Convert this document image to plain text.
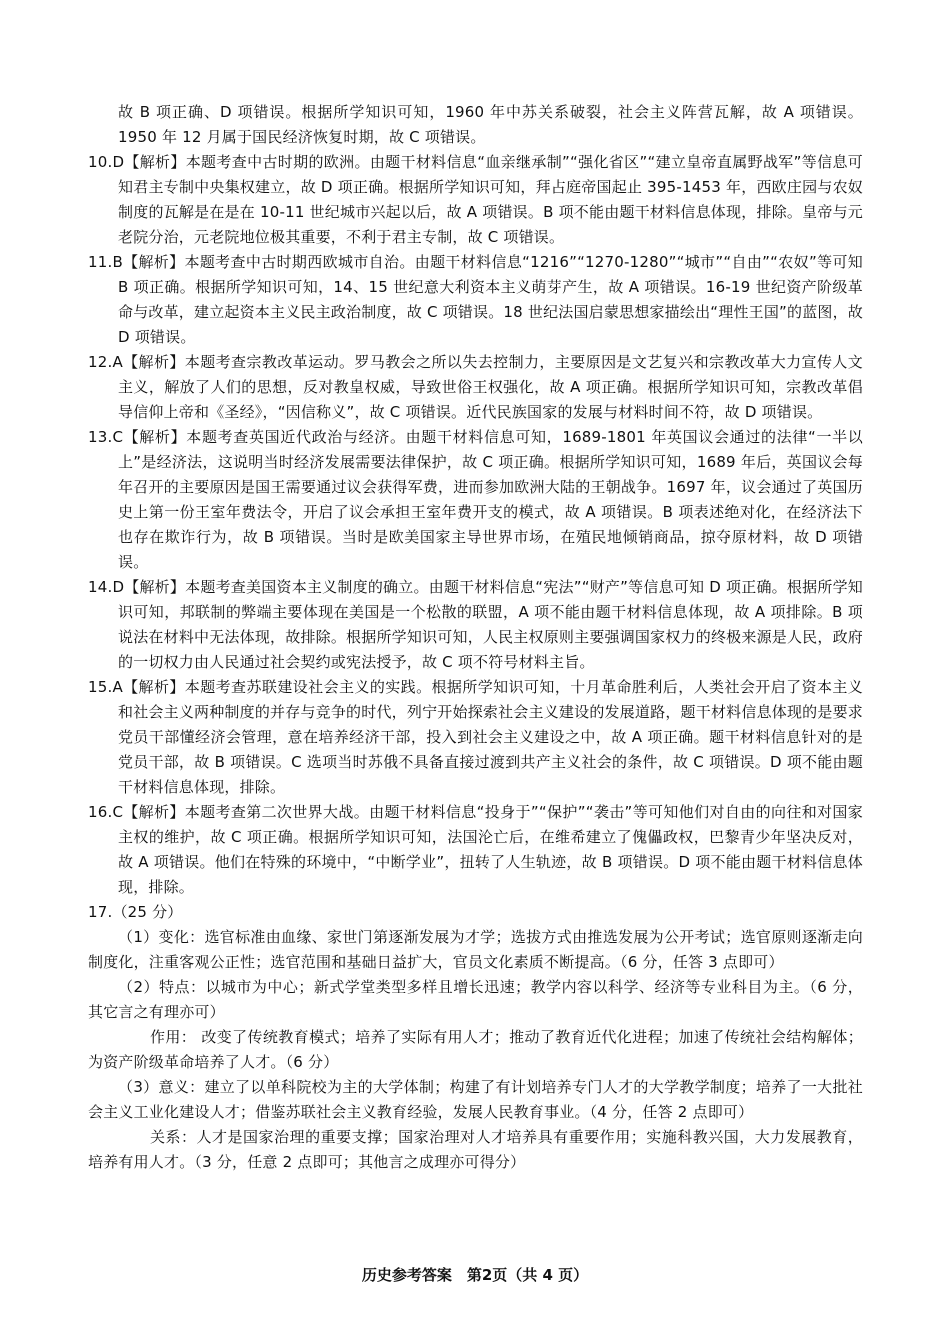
故 B 项正确、D 项错误。根据所学知识可知，1960 年中苏关系破裂，社会主义阵营瓦解，故 A 项错误。1950 年 12 月属于国民经济恢复时期，故 C 项错误。

10.D【解析】本题考查中古时期的欧洲。由题干材料信息“血亲继承制”“强化省区”“建立皇帝直属野战军”等信息可知君主专制中央集权建立，故 D 项正确。根据所学知识可知，拜占庭帝国起止 395-1453 年，西欧庄园与农奴制度的瓦解是在是在 10-11 世纪城市兴起以后，故 A 项错误。B 项不能由题干材料信息体现，排除。皇帝与元老院分治，元老院地位极其重要，不利于君主专制，故 C 项错误。

11.B【解析】本题考查中古时期西欧城市自治。由题干材料信息“1216”“1270-1280”“城市”“自由”“农奴”等可知 B 项正确。根据所学知识可知，14、15 世纪意大利资本主义萌芽产生，故 A 项错误。16-19 世纪资产阶级革命与改革，建立起资本主义民主政治制度，故 C 项错误。18 世纪法国启蒙思想家描绘出“理性王国”的蓝图，故 D 项错误。

12.A【解析】本题考查宗教改革运动。罗马教会之所以失去控制力，主要原因是文艺复兴和宗教改革大力宣传人文主义，解放了人们的思想，反对教皇权威，导致世俗王权强化，故 A 项正确。根据所学知识可知，宗教改革倡导信仰上帝和《圣经》，“因信称义”，故 C 项错误。近代民族国家的发展与材料时间不符，故 D 项错误。

13.C【解析】本题考查英国近代政治与经济。由题干材料信息可知，1689-1801 年英国议会通过的法律“一半以上”是经济法，这说明当时经济发展需要法律保护，故 C 项正确。根据所学知识可知，1689 年后，英国议会每年召开的主要原因是国王需要通过议会获得军费，进而参加欧洲大陆的王朝战争。1697 年，议会通过了英国历史上第一份王室年费法令，开启了议会承担王室年费开支的模式，故 A 项错误。B 项表述绝对化，在经济法下也存在欺诈行为，故 B 项错误。当时是欧美国家主导世界市场，在殖民地倾销商品，掠夺原材料，故 D 项错误。

14.D【解析】本题考查美国资本主义制度的确立。由题干材料信息“宪法”“财产”等信息可知 D 项正确。根据所学知识可知，邦联制的弊端主要体现在美国是一个松散的联盟，A 项不能由题干材料信息体现，故 A 项排除。B 项说法在材料中无法体现，故排除。根据所学知识可知，人民主权原则主要强调国家权力的终极来源是人民，政府的一切权力由人民通过社会契约或宪法授予，故 C 项不符号材料主旨。

15.A【解析】本题考查苏联建设社会主义的实践。根据所学知识可知，十月革命胜利后，人类社会开启了资本主义和社会主义两种制度的并存与竞争的时代，列宁开始探索社会主义建设的发展道路，题干材料信息体现的是要求党员干部懂经济会管理，意在培养经济干部，投入到社会主义建设之中，故 A 项正确。题干材料信息针对的是党员干部，故 B 项错误。C 选项当时苏俄不具备直接过渡到共产主义社会的条件，故 C 项错误。D 项不能由题干材料信息体现，排除。

16.C【解析】本题考查第二次世界大战。由题干材料信息“投身于”“保护”“袭击”等可知他们对自由的向往和对国家主权的维护，故 C 项正确。根据所学知识可知，法国沦亡后，在维希建立了傀儡政权，巴黎青少年坚决反对，故 A 项错误。他们在特殊的环境中，“中断学业”，扭转了人生轨迹，故 B 项错误。D 项不能由题干材料信息体现，排除。

17.（25 分）

（1）变化：选官标准由血缘、家世门第逐渐发展为才学；选拔方式由推选发展为公开考试；选官原则逐渐走向制度化，注重客观公正性；选官范围和基础日益扩大，官员文化素质不断提高。（6 分，任答 3 点即可）

（2）特点：以城市为中心；新式学堂类型多样且增长迅速；教学内容以科学、经济等专业科目为主。（6 分，其它言之有理亦可）

作用： 改变了传统教育模式；培养了实际有用人才；推动了教育近代化进程；加速了传统社会结构解体；为资产阶级革命培养了人才。（6 分）

（3）意义：建立了以单科院校为主的大学体制；构建了有计划培养专门人才的大学教学制度；培养了一大批社会主义工业化建设人才；借鉴苏联社会主义教育经验，发展人民教育事业。（4 分，任答 2 点即可）

关系：人才是国家治理的重要支撑；国家治理对人才培养具有重要作用；实施科教兴国，大力发展教育，培养有用人才。（3 分，任意 2 点即可；其他言之成理亦可得分）

历史参考答案　第2页（共 4 页）
